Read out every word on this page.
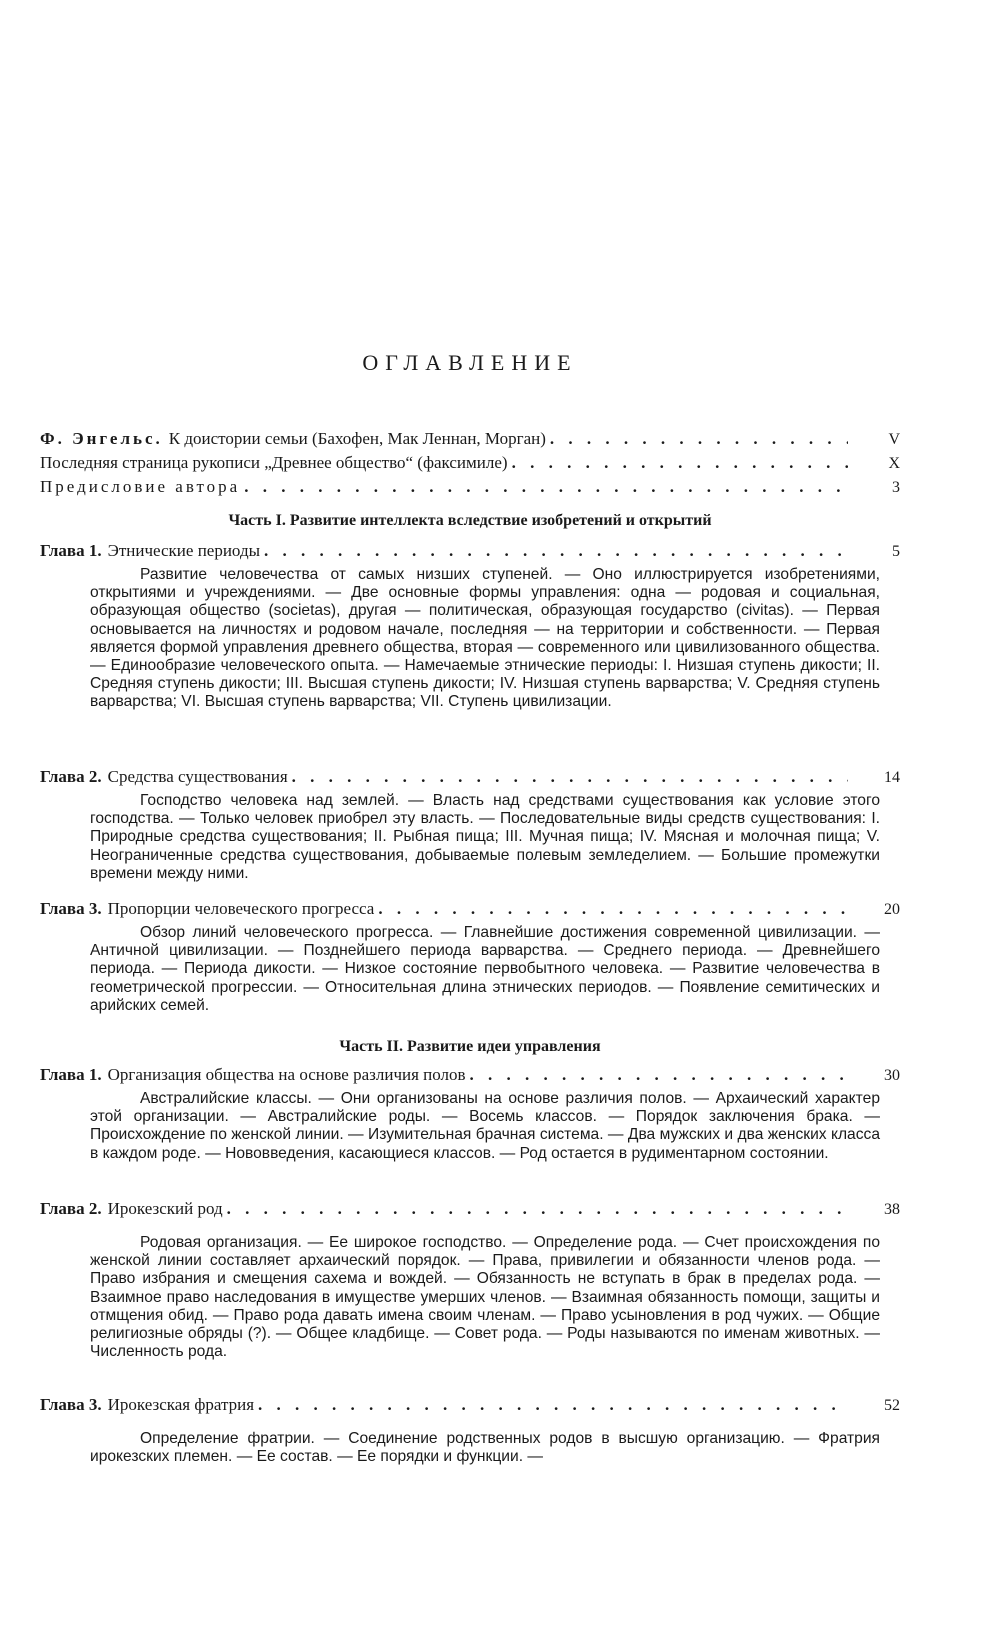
ОГЛАВЛЕНИЕ
Ф. Энгельс. К доистории семьи (Бахофен, Мак Леннан, Морган) . . .	V
Последняя страница рукописи „Древнее общество“ (факсимиле) . . .	X
Предисловие автора . . .	3
Часть I. Развитие интеллекта вследствие изобретений и открытий
Глава 1. Этнические периоды . . .	5

Развитие человечества от самых низших ступеней. — Оно иллюстрируется изобретениями, открытиями и учреждениями. — Две основные формы управления: одна — родовая и социальная, образующая общество (societas), другая — политическая, образующая государство (civitas). — Первая основывается на личностях и родовом начале, последняя — на территории и собственности. — Первая является формой управления древнего общества, вторая — современного или цивилизованного общества. — Единообразие человеческого опыта. — Намечаемые этнические периоды: I. Низшая ступень дикости; II. Средняя ступень дикости; III. Высшая ступень дикости; IV. Низшая ступень варварства; V. Средняя ступень варварства; VI. Высшая ступень варварства; VII. Ступень цивилизации.

Глава 2. Средства существования . . .	14

Господство человека над землей. — Власть над средствами существования как условие этого господства. — Только человек приобрел эту власть. — Последовательные виды средств существования: I. Природные средства существования; II. Рыбная пища; III. Мучная пища; IV. Мясная и молочная пища; V. Неограниченные средства существования, добываемые полевым земледелием. — Большие промежутки времени между ними.

Глава 3. Пропорции человеческого прогресса . . .	20

Обзор линий человеческого прогресса. — Главнейшие достижения современной цивилизации. — Античной цивилизации. — Позднейшего периода варварства. — Среднего периода. — Древнейшего периода. — Периода дикости. — Низкое состояние первобытного человека. — Развитие человечества в геометрической прогрессии. — Относительная длина этнических периодов. — Появление семитических и арийских семей.

Часть II. Развитие идеи управления
Глава 1. Организация общества на основе различия полов . . .	30

Австралийские классы. — Они организованы на основе различия полов. — Архаический характер этой организации. — Австралийские роды. — Восемь классов. — Порядок заключения брака. — Происхождение по женской линии. — Изумительная брачная система. — Два мужских и два женских класса в каждом роде. — Нововведения, касающиеся классов. — Род остается в рудиментарном состоянии.

Глава 2. Ирокезский род . . .	38

Родовая организация. — Ее широкое господство. — Определение рода. — Счет происхождения по женской линии составляет архаический порядок. — Права, привилегии и обязанности членов рода. — Право избрания и смещения сахема и вождей. — Обязанность не вступать в брак в пределах рода. — Взаимное право наследования в имуществе умерших членов. — Взаимная обязанность помощи, защиты и отмщения обид. — Право рода давать имена своим членам. — Право усыновления в род чужих. — Общие религиозные обряды (?). — Общее кладбище. — Совет рода. — Роды называются по именам животных. — Численность рода.

Глава 3. Ирокезская фратрия . . .	52

Определение фратрии. — Соединение родственных родов в высшую организацию. — Фратрия ирокезских племен. — Ее состав. — Ее порядки и функции. —
